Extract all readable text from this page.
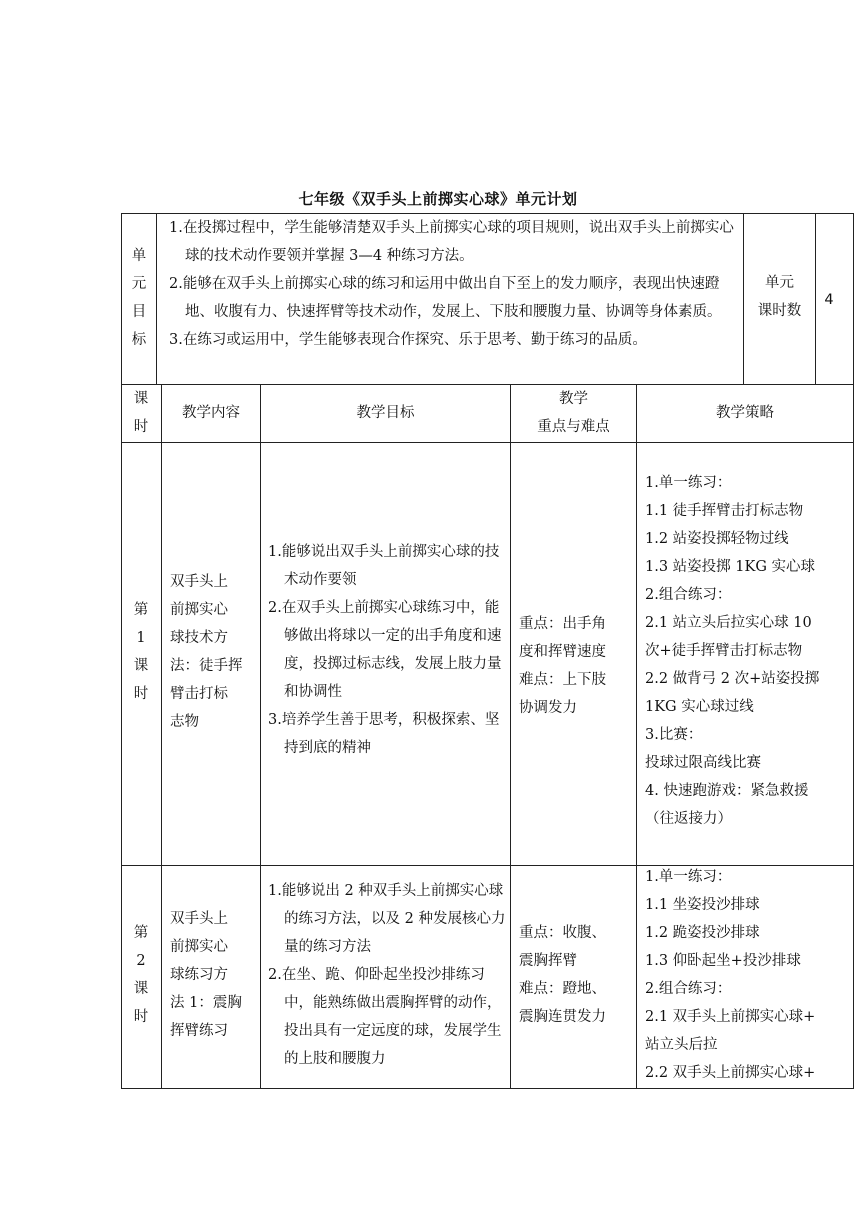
七年级《双手头上前掷实心球》单元计划
单
元
目
标
1.在投掷过程中，学生能够清楚双手头上前掷实心球的项目规则，说出双手头上前掷实心球的技术动作要领并掌握 3—4 种练习方法。
2.能够在双手头上前掷实心球的练习和运用中做出自下至上的发力顺序，表现出快速蹬地、收腹有力、快速挥臂等技术动作，发展上、下肢和腰腹力量、协调等身体素质。
3.在练习或运用中，学生能够表现合作探究、乐于思考、勤于练习的品质。
单元
课时数
4
课
时
教学内容	教学目标
教学
重点与难点
教学策略
第
1
课
时
双手头上
前掷实心
球技术方
法：徒手挥
臂击打标
志物
1.能够说出双手头上前掷实心球的技术动作要领
2.在双手头上前掷实心球练习中，能够做出将球以一定的出手角度和速度，投掷过标志线，发展上肢力量和协调性
3.培养学生善于思考，积极探索、坚持到底的精神
重点：出手角
度和挥臂速度
难点：上下肢
协调发力
1.单一练习：
1.1 徒手挥臂击打标志物
1.2 站姿投掷轻物过线
1.3 站姿投掷 1KG 实心球
2.组合练习：
2.1 站立头后拉实心球 10
次+徒手挥臂击打标志物
2.2 做背弓 2 次+站姿投掷
1KG 实心球过线
3.比赛：
投球过限高线比赛
4. 快速跑游戏：紧急救援
（往返接力）
第
2
课
时
双手头上
前掷实心
球练习方
法 1：震胸
挥臂练习
1.能够说出 2 种双手头上前掷实心球的练习方法，以及 2 种发展核心力量的练习方法
2.在坐、跪、仰卧起坐投沙排练习中，能熟练做出震胸挥臂的动作，投出具有一定远度的球，发展学生的上肢和腰腹力
重点：收腹、
震胸挥臂
难点：蹬地、
震胸连贯发力
1.单一练习：
1.1 坐姿投沙排球
1.2 跪姿投沙排球
1.3 仰卧起坐+投沙排球
2.组合练习：
2.1 双手头上前掷实心球+
站立头后拉
2.2 双手头上前掷实心球+
